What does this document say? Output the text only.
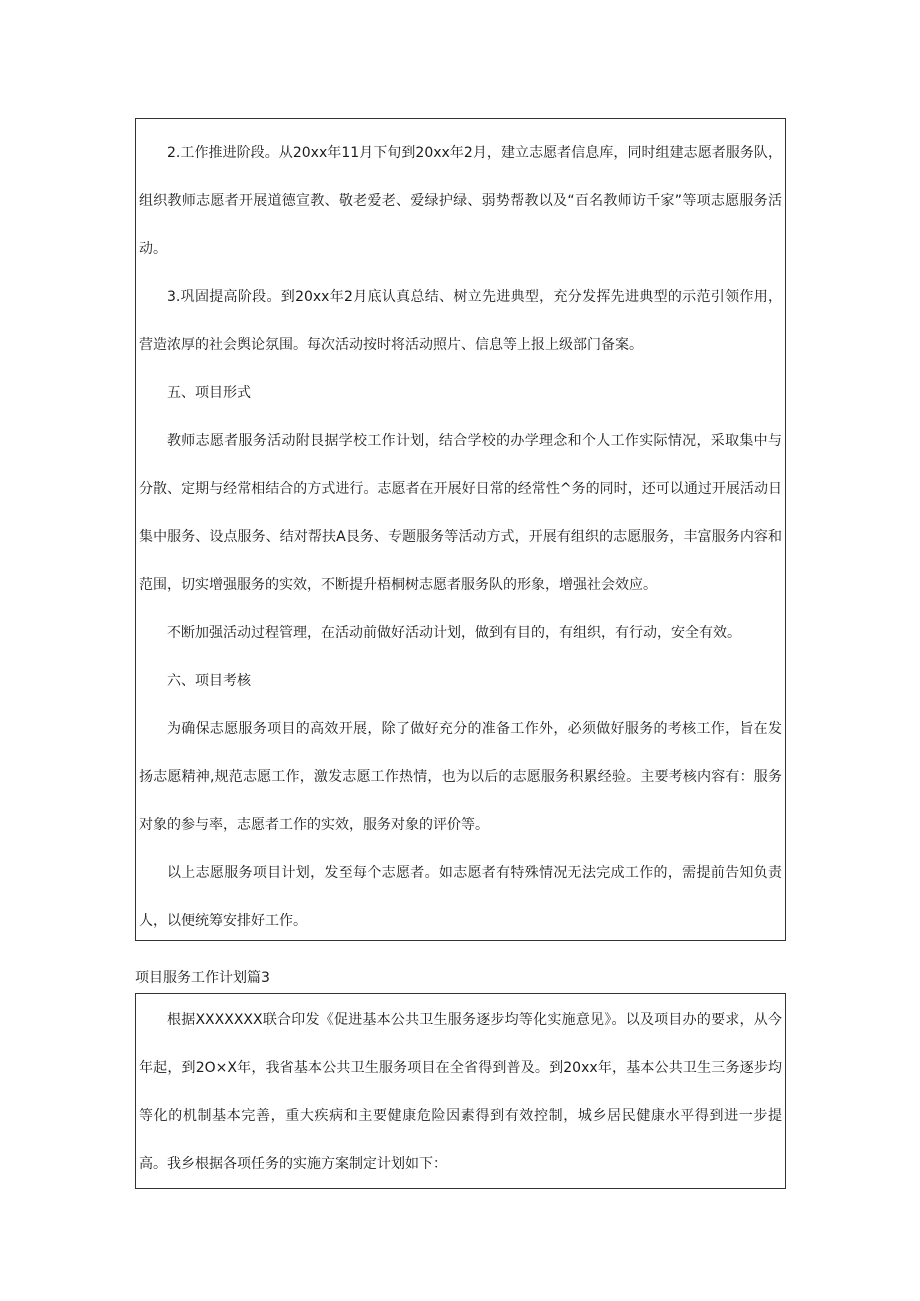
2.工作推进阶段。从20xx年11月下旬到20xx年2月，建立志愿者信息库，同时组建志愿者服务队，组织教师志愿者开展道德宣教、敬老爱老、爱绿护绿、弱势帮教以及“百名教师访千家”等项志愿服务活动。

3.巩固提高阶段。到20xx年2月底认真总结、树立先进典型，充分发挥先进典型的示范引领作用，营造浓厚的社会舆论氛围。每次活动按时将活动照片、信息等上报上级部门备案。

五、项目形式

教师志愿者服务活动附艮据学校工作计划，结合学校的办学理念和个人工作实际情况，采取集中与分散、定期与经常相结合的方式进行。志愿者在开展好日常的经常性^务的同时，还可以通过开展活动日集中服务、设点服务、结对帮扶A艮务、专题服务等活动方式，开展有组织的志愿服务，丰富服务内容和范围，切实增强服务的实效，不断提升梧桐树志愿者服务队的形象，增强社会效应。

不断加强活动过程管理，在活动前做好活动计划，做到有目的，有组织，有行动，安全有效。

六、项目考核

为确保志愿服务项目的高效开展，除了做好充分的准备工作外，必须做好服务的考核工作，旨在发扬志愿精神,规范志愿工作，激发志愿工作热情，也为以后的志愿服务积累经验。主要考核内容有：服务对象的参与率，志愿者工作的实效，服务对象的评价等。

以上志愿服务项目计划，发至每个志愿者。如志愿者有特殊情况无法完成工作的，需提前告知负责人，以便统筹安排好工作。

项目服务工作计划篇3

根据XXXXXXX联合印发《促进基本公共卫生服务逐步均等化实施意见》。以及项目办的要求，从今年起，到2O×X年，我省基本公共卫生服务项目在全省得到普及。到20xx年，基本公共卫生三务逐步均等化的机制基本完善，重大疾病和主要健康危险因素得到有效控制，城乡居民健康水平得到进一步提高。我乡根据各项任务的实施方案制定计划如下：
